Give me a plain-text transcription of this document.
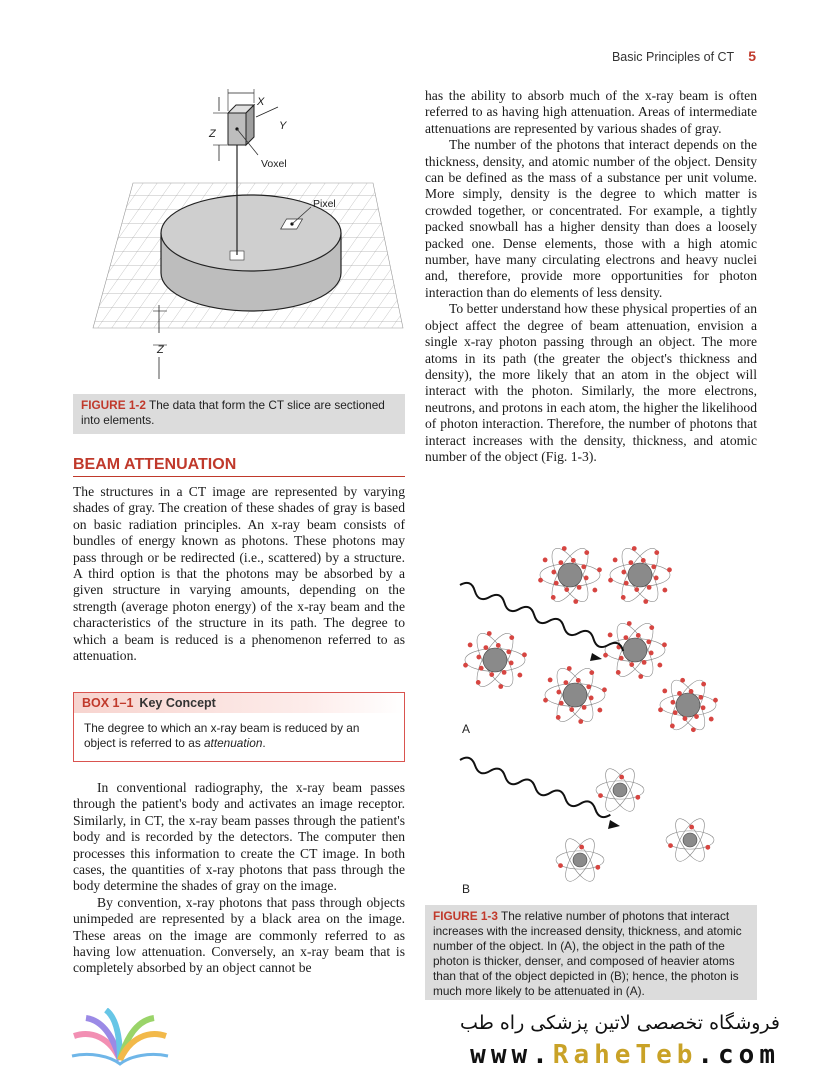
Basic Principles of CT 5
Pixel
Voxel
X
Y
Z
Z
FIGURE 1-2 The data that form the CT slice are sectioned into elements.
BEAM ATTENUATION

The structures in a CT image are represented by varying shades of gray. The creation of these shades of gray is based on basic radiation principles. An x-ray beam consists of bundles of energy known as photons. These photons may pass through or be redirected (i.e., scattered) by a structure. A third option is that the photons may be absorbed by a given structure in varying amounts, depending on the strength (average photon energy) of the x-ray beam and the characteristics of the structure in its path. The degree to which a beam is reduced is a phenomenon referred to as attenuation.

BOX 1–1 Key Concept
The degree to which an x-ray beam is reduced by an object is referred to as attenuation.

In conventional radiography, the x-ray beam passes through the patient's body and activates an image receptor. Similarly, in CT, the x-ray beam passes through the patient's body and is recorded by the detectors. The computer then processes this information to create the CT image. In both cases, the quantities of x-ray photons that pass through the body determine the shades of gray on the image.

By convention, x-ray photons that pass through objects unimpeded are represented by a black area on the image. These areas on the image are commonly referred to as having low attenuation. Conversely, an x-ray beam that is completely absorbed by an object cannot be

has the ability to absorb much of the x-ray beam is often referred to as having high attenuation. Areas of intermediate attenuations are represented by various shades of gray.

The number of the photons that interact depends on the thickness, density, and atomic number of the object. Density can be defined as the mass of a substance per unit volume. More simply, density is the degree to which matter is crowded together, or concentrated. For example, a tightly packed snowball has a higher density than does a loosely packed one. Dense elements, those with a high atomic number, have many circulating electrons and heavy nuclei and, therefore, provide more opportunities for photon interaction than do elements of less density.

To better understand how these physical properties of an object affect the degree of beam attenuation, envision a single x-ray photon passing through an object. The more atoms in its path (the greater the object's thickness and density), the more likely that an atom in the object will interact with the photon. Similarly, the more electrons, neutrons, and protons in each atom, the higher the likelihood of photon interaction. Therefore, the number of photons that interact increases with the density, thickness, and atomic number of the object (Fig. 1-3).

A
B
FIGURE 1-3 The relative number of photons that interact increases with the increased density, thickness, and atomic number of the object. In (A), the object in the path of the photon is thicker, denser, and composed of heavier atoms than that of the object depicted in (B); hence, the photon is much more likely to be attenuated in (A).
فروشگاه تخصصی لاتین پزشکی راه طب
www.RaheTeb.com
